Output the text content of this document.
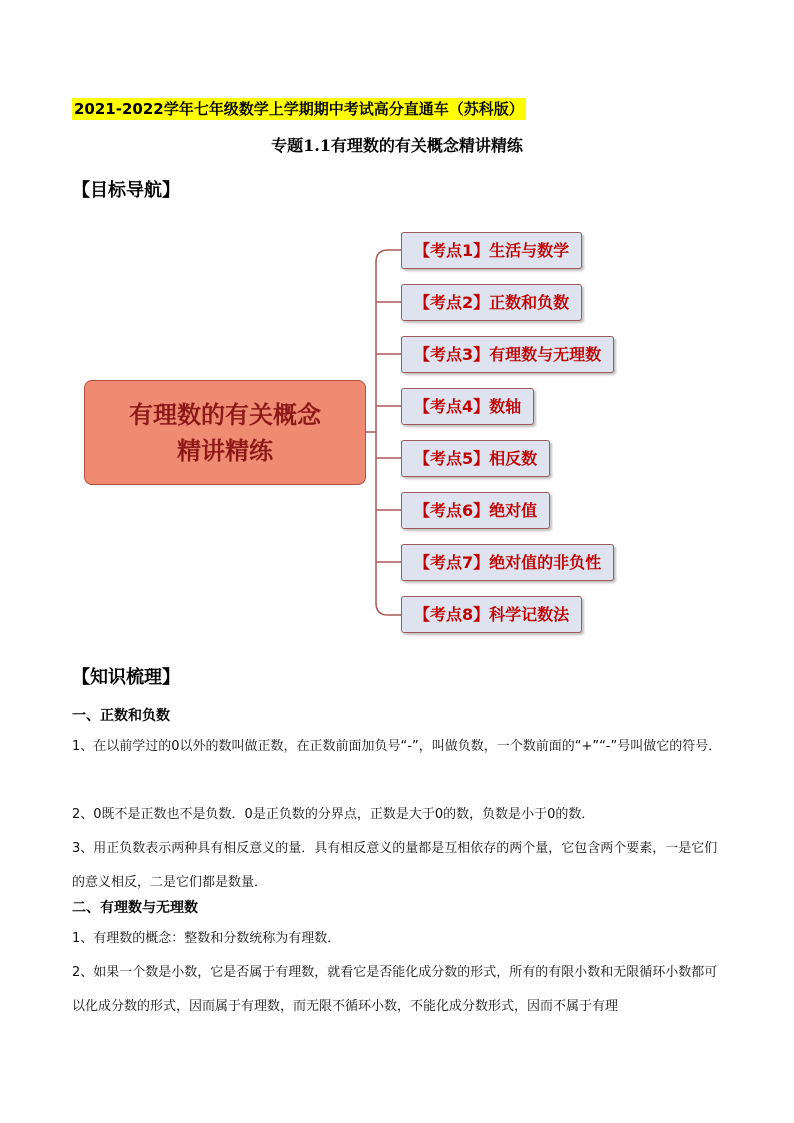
2021-2022学年七年级数学上学期期中考试高分直通车（苏科版）
专题1.1有理数的有关概念精讲精练
【目标导航】
有理数的有关概念
精讲精练
【考点1】生活与数学
【考点2】正数和负数
【考点3】有理数与无理数
【考点4】数轴
【考点5】相反数
【考点6】绝对值
【考点7】绝对值的非负性
【考点8】科学记数法
【知识梳理】
一、正数和负数
1、在以前学过的0以外的数叫做正数，在正数前面加负号“-”，叫做负数，一个数前面的“+”“-”号叫做它的符号．
2、0既不是正数也不是负数．0是正负数的分界点，正数是大于0的数，负数是小于0的数．
3、用正负数表示两种具有相反意义的量．具有相反意义的量都是互相依存的两个量，它包含两个要素，一是它们的意义相反，二是它们都是数量．
二、有理数与无理数
1、有理数的概念：整数和分数统称为有理数．
2、如果一个数是小数，它是否属于有理数，就看它是否能化成分数的形式，所有的有限小数和无限循环小数都可以化成分数的形式，因而属于有理数，而无限不循环小数，不能化成分数形式，因而不属于有理
